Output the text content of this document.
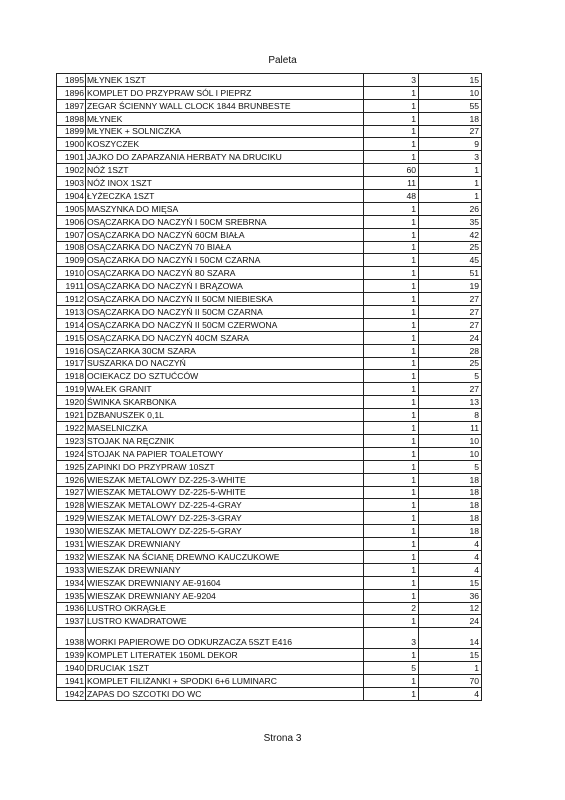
Paleta
1895	MŁYNEK 1SZT	3	15
1896	KOMPLET DO PRZYPRAW SÓL I PIEPRZ	1	10
1897	ZEGAR ŚCIENNY WALL CLOCK 1844 BRUNBESTE	1	55
1898	MŁYNEK	1	18
1899	MŁYNEK + SOLNICZKA	1	27
1900	KOSZYCZEK	1	9
1901	JAJKO DO ZAPARZANIA HERBATY NA DRUCIKU	1	3
1902	NÓŻ 1SZT	60	1
1903	NÓŻ INOX 1SZT	11	1
1904	ŁYŻECZKA 1SZT	48	1
1905	MASZYNKA DO MIĘSA	1	26
1906	OSĄCZARKA DO NACZYŃ I 50CM SREBRNA	1	35
1907	OSĄCZARKA DO NACZYŃ 60CM BIAŁA	1	42
1908	OSĄCZARKA DO NACZYŃ 70 BIAŁA	1	25
1909	OSĄCZARKA DO NACZYŃ I 50CM CZARNA	1	45
1910	OSĄCZARKA DO NACZYŃ 80 SZARA	1	51
1911	OSĄCZARKA DO NACZYŃ I BRĄZOWA	1	19
1912	OSĄCZARKA DO NACZYŃ II 50CM NIEBIESKA	1	27
1913	OSĄCZARKA DO NACZYŃ II 50CM CZARNA	1	27
1914	OSĄCZARKA DO NACZYŃ II 50CM CZERWONA	1	27
1915	OSĄCZARKA DO NACZYŃ 40CM SZARA	1	24
1916	OSĄCZARKA 30CM SZARA	1	28
1917	SUSZARKA DO NACZYŃ	1	25
1918	OCIEKACZ DO SZTUĆCÓW	1	5
1919	WAŁEK GRANIT	1	27
1920	ŚWINKA SKARBONKA	1	13
1921	DZBANUSZEK 0,1L	1	8
1922	MASELNICZKA	1	11
1923	STOJAK NA RĘCZNIK	1	10
1924	STOJAK NA PAPIER TOALETOWY	1	10
1925	ZAPINKI DO PRZYPRAW 10SZT	1	5
1926	WIESZAK METALOWY DZ-225-3-WHITE	1	18
1927	WIESZAK METALOWY DZ-225-5-WHITE	1	18
1928	WIESZAK METALOWY DZ-225-4-GRAY	1	18
1929	WIESZAK METALOWY DZ-225-3-GRAY	1	18
1930	WIESZAK METALOWY DZ-225-5-GRAY	1	18
1931	WIESZAK DREWNIANY	1	4
1932	WIESZAK NA ŚCIANĘ DREWNO KAUCZUKOWE	1	4
1933	WIESZAK DREWNIANY	1	4
1934	WIESZAK DREWNIANY AE-91604	1	15
1935	WIESZAK DREWNIANY AE-9204	1	36
1936	LUSTRO OKRĄGŁE	2	12
1937	LUSTRO KWADRATOWE	1	24
1938	WORKI PAPIEROWE DO ODKURZACZA 5SZT E416	3	14
1939	KOMPLET LITERATEK 150ML DEKOR	1	15
1940	DRUCIAK 1SZT	5	1
1941	KOMPLET FILIŻANKI + SPODKI 6+6 LUMINARC	1	70
1942	ZAPAS DO SZCOTKI DO WC	1	4
Strona 3
